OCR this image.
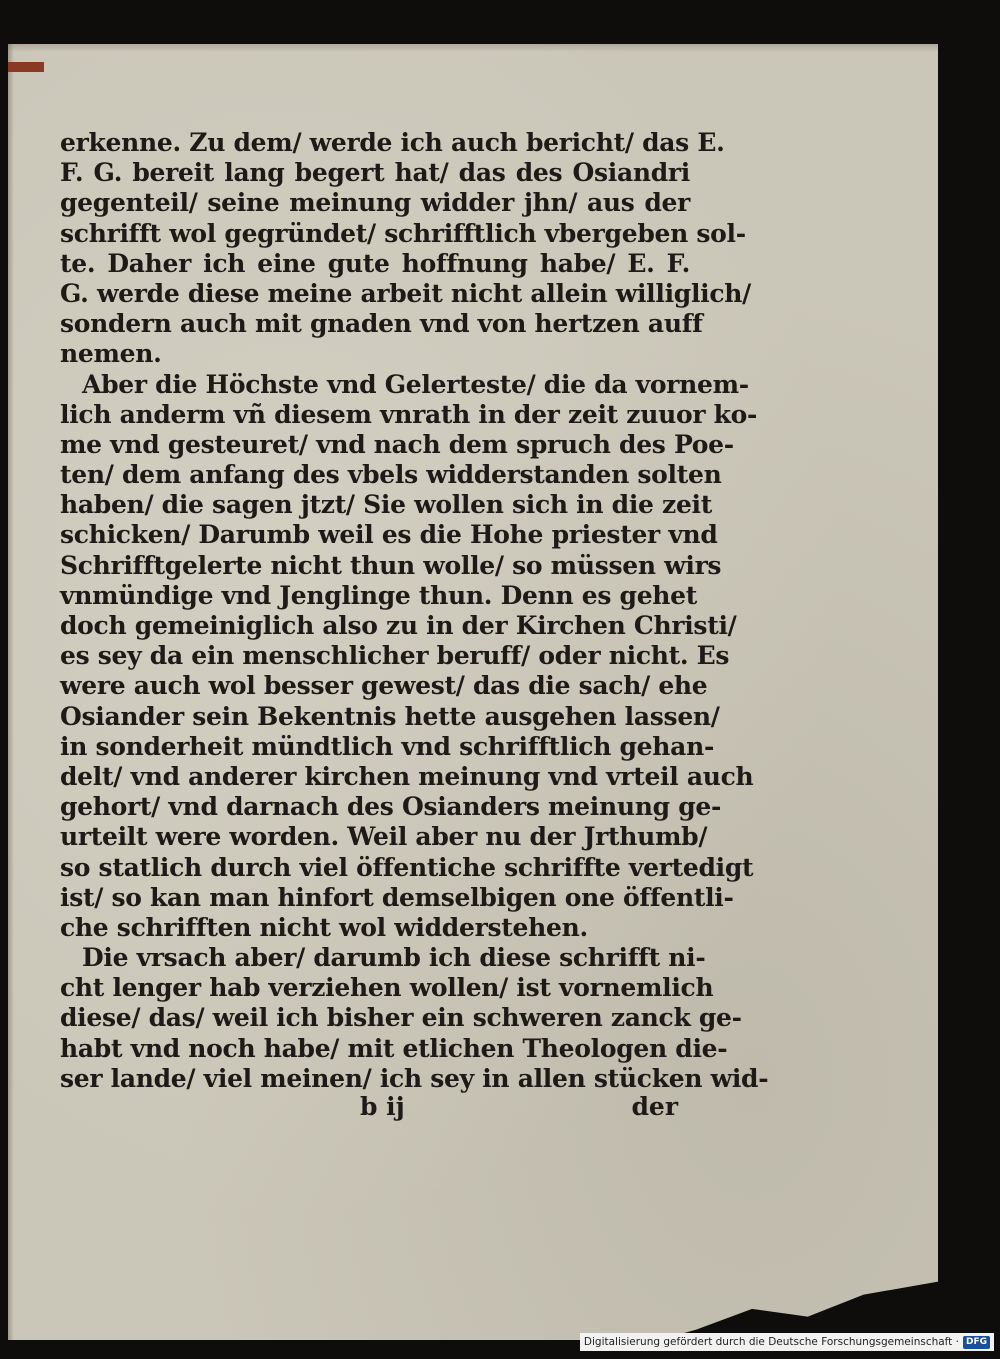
erkenne. Zu dem/ werde ich auch bericht/ das E.
F. G. bereit lang begert hat/ das des Osiandri
gegenteil/ seine meinung widder jhn/ aus der
schrifft wol gegründet/ schrifftlich vbergeben sol-
te. Daher ich eine gute hoffnung habe/ E. F.
G. werde diese meine arbeit nicht allein williglich/
sondern auch mit gnaden vnd von hertzen auff
nemen.
Aber die Höchste vnd Gelerteste/ die da vornem-
lich anderm vñ diesem vnrath in der zeit zuuor ko-
me vnd gesteuret/ vnd nach dem spruch des Poe-
ten/ dem anfang des vbels widderstanden solten
haben/ die sagen jtzt/ Sie wollen sich in die zeit
schicken/ Darumb weil es die Hohe priester vnd
Schrifftgelerte nicht thun wolle/ so müssen wirs
vnmündige vnd Jenglinge thun. Denn es gehet
doch gemeiniglich also zu in der Kirchen Christi/
es sey da ein menschlicher beruff/ oder nicht. Es
were auch wol besser gewest/ das die sach/ ehe
Osiander sein Bekentnis hette ausgehen lassen/
in sonderheit mündtlich vnd schrifftlich gehan-
delt/ vnd anderer kirchen meinung vnd vrteil auch
gehort/ vnd darnach des Osianders meinung ge-
urteilt were worden. Weil aber nu der Jrthumb/
so statlich durch viel öffentiche schriffte vertedigt
ist/ so kan man hinfort demselbigen one öffentli-
che schrifften nicht wol widderstehen.
Die vrsach aber/ darumb ich diese schrifft ni-
cht lenger hab verziehen wollen/ ist vornemlich
diese/ das/ weil ich bisher ein schweren zanck ge-
habt vnd noch habe/ mit etlichen Theologen die-
ser lande/ viel meinen/ ich sey in allen stücken wid-
b ij	der
Digitalisierung gefördert durch die Deutsche Forschungsgemeinschaft · DFG
